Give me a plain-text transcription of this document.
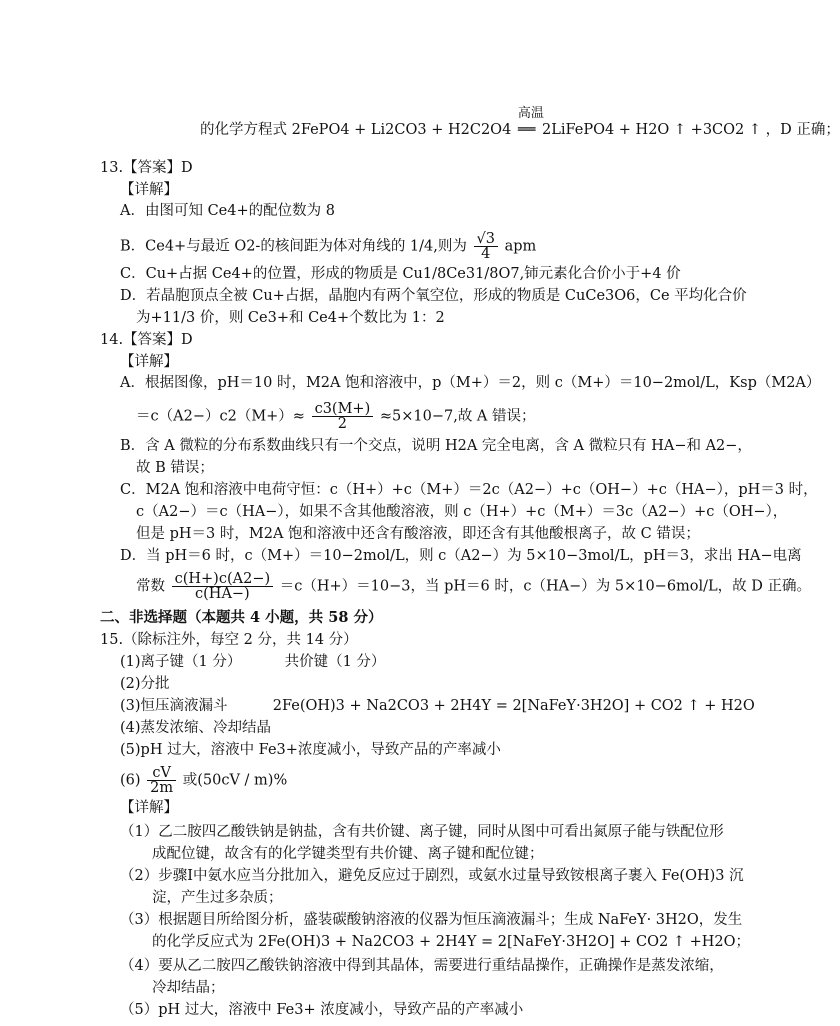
的化学方程式 2FePO4 + Li2CO3 + H2C2O4
高温
══ 2LiFePO4 + H2O ↑ +3CO2 ↑ ，D 正确；
13.【答案】D
【详解】
A．由图可知 Ce4+的配位数为 8
B．Ce4+与最近 O2-的核间距为体对角线的 1/4,则为 $\frac{√3}{4}$ apm
C．Cu+占据 Ce4+的位置，形成的物质是 Cu1/8Ce31/8O7,铈元素化合价小于+4 价
D．若晶胞顶点全被 Cu+占据，晶胞内有两个氧空位，形成的物质是 CuCe3O6，Ce 平均化合价
为+11/3 价，则 Ce3+和 Ce4+个数比为 1：2
14.【答案】D
【详解】
A．根据图像，pH＝10 时，M2A 饱和溶液中，p（M+）＝2，则 c（M+）＝10−2mol/L，Ksp（M2A）
$=c(A2-)c2(M+)\approx \frac{c3(M+)}{2} \approx 5\times 10-7$,故 A 错误；
B．含 A 微粒的分布系数曲线只有一个交点，说明 H2A 完全电离，含 A 微粒只有 HA−和 A2−，
故 B 错误；
C．M2A 饱和溶液中电荷守恒：c（H+）+c（M+）＝2c（A2−）+c（OH−）+c（HA−），pH＝3 时，
c（A2−）＝c（HA−），如果不含其他酸溶液，则 c（H+）+c（M+）＝3c（A2−）+c（OH−），
但是 pH＝3 时，M2A 饱和溶液中还含有酸溶液，即还含有其他酸根离子，故 C 错误；
D．当 pH＝6 时，c（M+）＝10−2mol/L，则 c（A2−）为 5×10−3mol/L，pH＝3，求出 HA−电离
常数 $\frac{c(H+)c(A2-)}{c(HA-)} =c(H+)=10-3$，当 pH＝6 时，c（HA−）为 5×10−6mol/L，故 D 正确。
二、非选择题（本题共 4 小题，共 58 分）
15.（除标注外，每空 2 分，共 14 分）
(1)离子键（1 分）	共价键（1 分）
(2)分批
(3)恒压滴液漏斗	2Fe(OH)3 + Na2CO3 + 2H4Y = 2[NaFeY·3H2O] + CO2 ↑ + H2O
(4)蒸发浓缩、冷却结晶
(5)pH 过大，溶液中 Fe3+浓度减小，导致产品的产率减小
$(6) \frac{cV}{2m}$ 或(50cV / m)%
【详解】
（1）乙二胺四乙酸铁钠是钠盐，含有共价键、离子键，同时从图中可看出氮原子能与铁配位形
成配位键，故含有的化学键类型有共价键、离子键和配位键；
（2）步骤Ⅰ中氨水应当分批加入，避免反应过于剧烈，或氨水过量导致铵根离子裹入 Fe(OH)3 沉
淀，产生过多杂质；
（3）根据题目所给图分析，盛装碳酸钠溶液的仪器为恒压滴液漏斗；生成 NaFeY· 3H2O，发生
的化学反应式为 2Fe(OH)3 + Na2CO3 + 2H4Y = 2[NaFeY·3H2O] + CO2 ↑ +H2O；
（4）要从乙二胺四乙酸铁钠溶液中得到其晶体，需要进行重结晶操作，正确操作是蒸发浓缩，
冷却结晶；
（5）pH 过大，溶液中 Fe3+ 浓度减小，导致产品的产率减小
